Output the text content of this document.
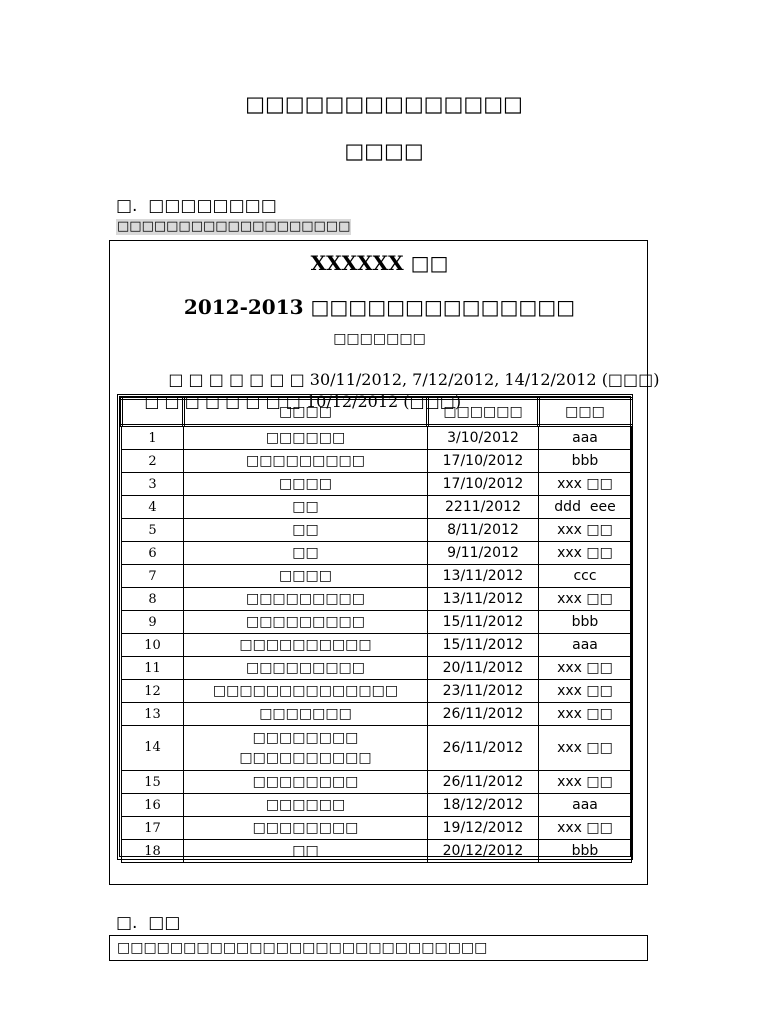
□□□□□□□□□□□□□□
□□□□
□. □□□□□□□□
□□□□□□□□□□□□□□□□□□□
XXXXXX □□
2012-2013 □□□□□□□□□□□□□□
□□□□□□□

□ □ □ □ □ □ □ 30/11/2012, 7/12/2012, 14/12/2012 (□□□)

□ □ □ □ □ □ □ □ 10/12/2012 (□□□)

	□□□□	□□□□□□	□□□
1	□□□□□□	3/10/2012	aaa
2	□□□□□□□□□	17/10/2012	bbb
3	□□□□	17/10/2012	xxx □□
4	□□	2211/2012	ddd  eee
5	□□	8/11/2012	xxx □□
6	□□	9/11/2012	xxx □□
7	□□□□	13/11/2012	ccc
8	□□□□□□□□□	13/11/2012	xxx □□
9	□□□□□□□□□	15/11/2012	bbb
10	□□□□□□□□□□	15/11/2012	aaa
11	□□□□□□□□□	20/11/2012	xxx □□
12	□□□□□□□□□□□□□□	23/11/2012	xxx □□
13	□□□□□□□	26/11/2012	xxx □□
14	□□□□□□□□
□□□□□□□□□□	26/11/2012	xxx □□
15	□□□□□□□□	26/11/2012	xxx □□
16	□□□□□□	18/12/2012	aaa
17	□□□□□□□□	19/12/2012	xxx □□
18	□□	20/12/2012	bbb
□. □□
□□□□□□□□□□□□□□□□□□□□□□□□□□□□
